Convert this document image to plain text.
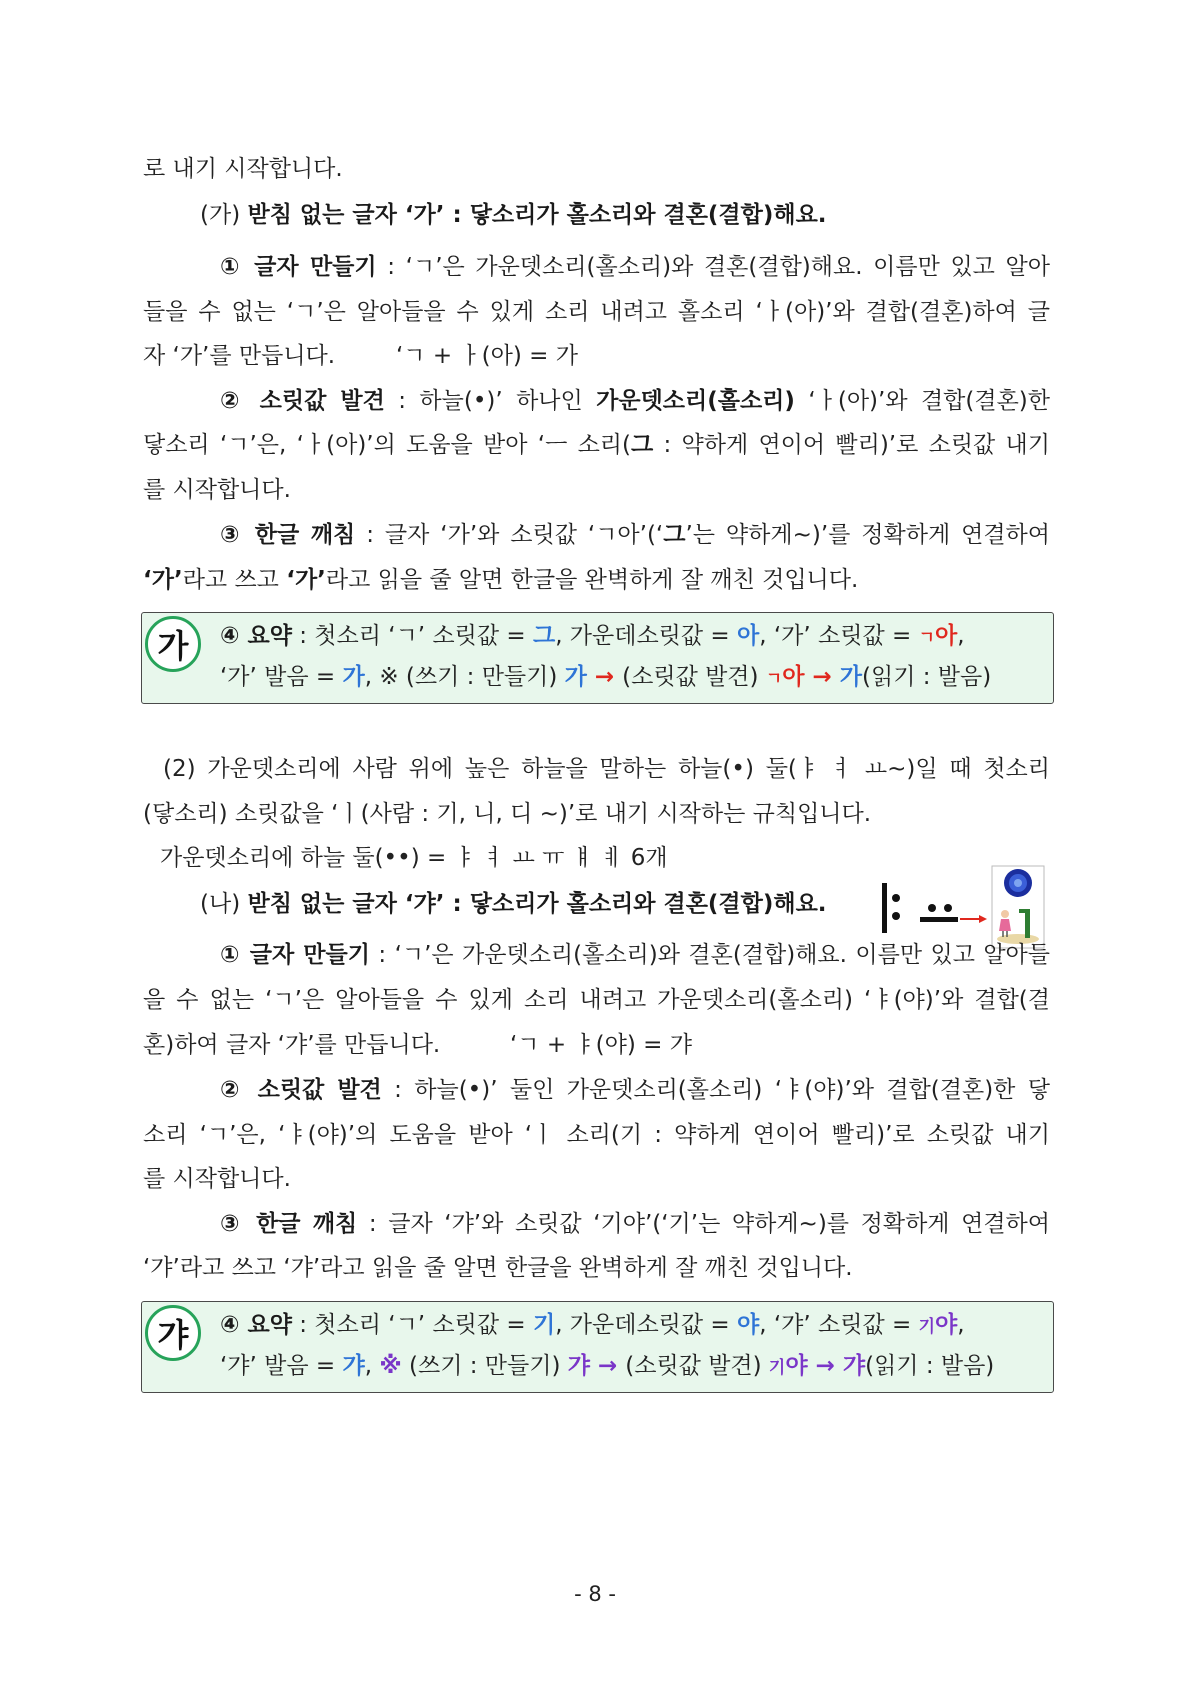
로 내기 시작합니다.
(가) 받침 없는 글자 ‘가’ : 닿소리가 홀소리와 결혼(결합)해요.
① 글자 만들기 : ‘ㄱ’은 가운뎃소리(홀소리)와 결혼(결합)해요. 이름만 있고 알아
들을 수 없는 ‘ㄱ’은 알아들을 수 있게 소리 내려고 홀소리 ‘ㅏ(아)’와 결합(결혼)하여 글
자 ‘가’를 만듭니다.	‘ㄱ + ㅏ(아) = 가
② 소릿값 발견 : 하늘(•)’ 하나인 가운뎃소리(홀소리) ‘ㅏ(아)’와 결합(결혼)한
닿소리 ‘ㄱ’은, ‘ㅏ(아)’의 도움을 받아 ‘ㅡ 소리(그 : 약하게 연이어 빨리)’로 소릿값 내기
를 시작합니다.
③ 한글 깨침 : 글자 ‘가’와 소릿값 ‘ㄱ아’(‘그’는 약하게~)’를 정확하게 연결하여
‘가’라고 쓰고 ‘가’라고 읽을 줄 알면 한글을 완벽하게 잘 깨친 것입니다.
가	④ 요약 : 첫소리 ‘ㄱ’ 소릿값 = 그, 가운데소릿값 = 아, ‘가’ 소릿값 = ㄱ아,
‘가’ 발음 = 가, ※ (쓰기 : 만들기) 가 → (소릿값 발견) ㄱ아 → 가(읽기 : 발음)
(2) 가운뎃소리에 사람 위에 높은 하늘을 말하는 하늘(•) 둘(ㅑ ㅕ ㅛ~)일 때 첫소리
(닿소리) 소릿값을 ‘ㅣ(사람 : 기, 니, 디 ~)’로 내기 시작하는 규칙입니다.
가운뎃소리에 하늘 둘(••) = ㅑ ㅕ ㅛ ㅠ ㅒ ㅖ 6개
(나) 받침 없는 글자 ‘갸’ : 닿소리가 홀소리와 결혼(결합)해요.
① 글자 만들기 : ‘ㄱ’은 가운뎃소리(홀소리)와 결혼(결합)해요. 이름만 있고 알아들
을 수 없는 ‘ㄱ’은 알아들을 수 있게 소리 내려고 가운뎃소리(홀소리) ‘ㅑ(야)’와 결합(결
혼)하여 글자 ‘갸’를 만듭니다.	‘ㄱ + ㅑ(야) = 갸
② 소릿값 발견 : 하늘(•)’ 둘인 가운뎃소리(홀소리) ‘ㅑ(야)’와 결합(결혼)한 닿
소리 ‘ㄱ’은, ‘ㅑ(야)’의 도움을 받아 ‘ㅣ 소리(기 : 약하게 연이어 빨리)’로 소릿값 내기
를 시작합니다.
③ 한글 깨침 : 글자 ‘갸’와 소릿값 ‘기야’(‘기’는 약하게~)를 정확하게 연결하여
‘갸’라고 쓰고 ‘갸’라고 읽을 줄 알면 한글을 완벽하게 잘 깨친 것입니다.
갸	④ 요약 : 첫소리 ‘ㄱ’ 소릿값 = 기, 가운데소릿값 = 야, ‘갸’ 소릿값 = 기야,
‘갸’ 발음 = 갸, ※ (쓰기 : 만들기) 갸 → (소릿값 발견) 기야 → 갸(읽기 : 발음)
- 8 -
